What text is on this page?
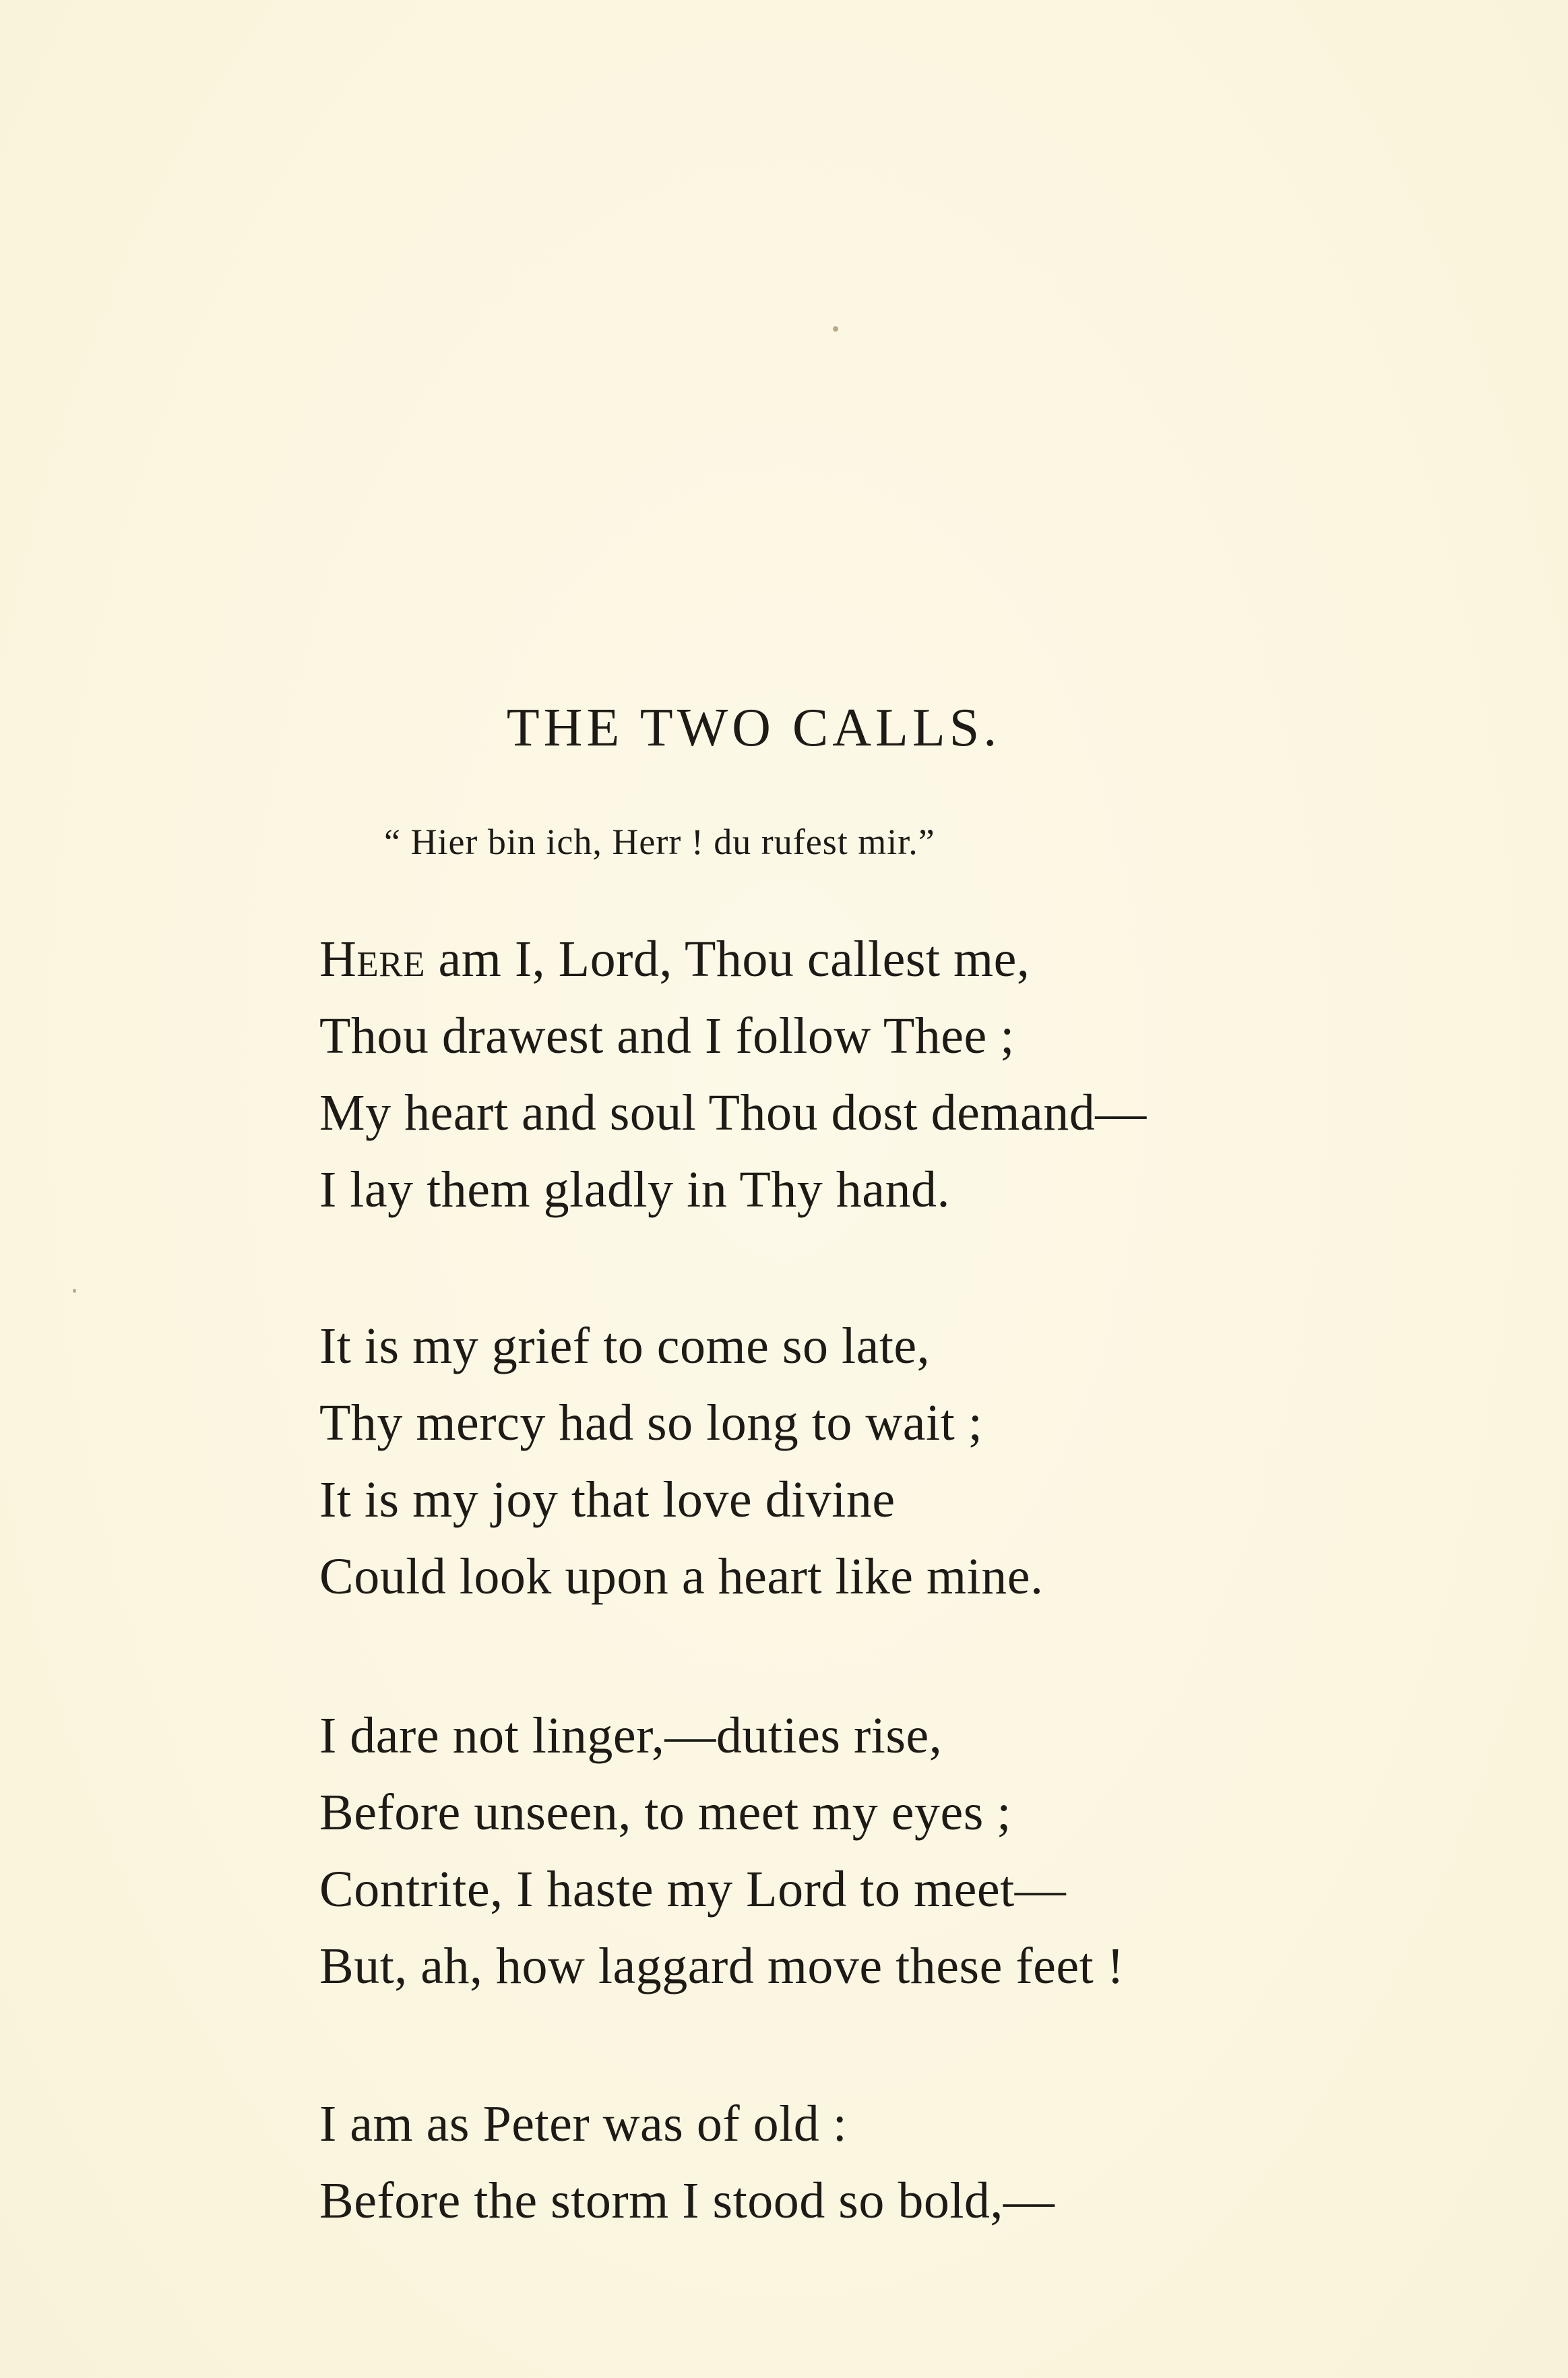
THE TWO CALLS.
“ Hier bin ich, Herr ! du rufest mir.”
Here am I, Lord, Thou callest me,
Thou drawest and I follow Thee ;
My heart and soul Thou dost demand—
I lay them gladly in Thy hand.
It is my grief to come so late,
Thy mercy had so long to wait ;
It is my joy that love divine
Could look upon a heart like mine.
I dare not linger,—duties rise,
Before unseen, to meet my eyes ;
Contrite, I haste my Lord to meet—
But, ah, how laggard move these feet !
I am as Peter was of old :
Before the storm I stood so bold,—
